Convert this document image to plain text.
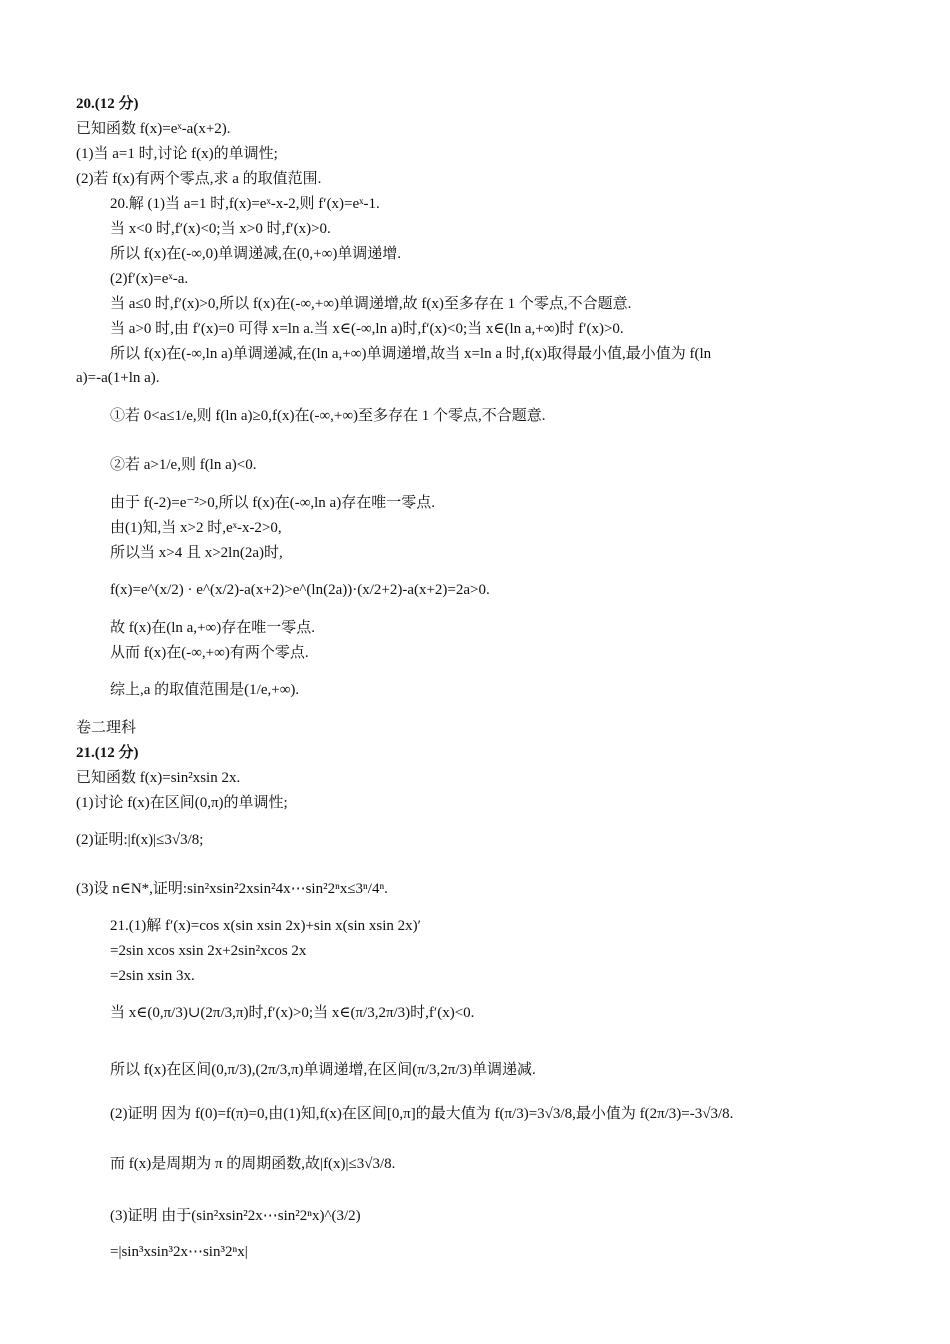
20.(12 分)
已知函数 f(x)=eˣ-a(x+2).
(1)当 a=1 时,讨论 f(x)的单调性;
(2)若 f(x)有两个零点,求 a 的取值范围.
20.解 (1)当 a=1 时,f(x)=eˣ-x-2,则 f′(x)=eˣ-1.
当 x<0 时,f′(x)<0;当 x>0 时,f′(x)>0.
所以 f(x)在(-∞,0)单调递减,在(0,+∞)单调递增.
(2)f′(x)=eˣ-a.
当 a≤0 时,f′(x)>0,所以 f(x)在(-∞,+∞)单调递增,故 f(x)至多存在 1 个零点,不合题意.
当 a>0 时,由 f′(x)=0 可得 x=ln a.当 x∈(-∞,ln a)时,f′(x)<0;当 x∈(ln a,+∞)时 f′(x)>0.
所以 f(x)在(-∞,ln a)单调递减,在(ln a,+∞)单调递增,故当 x=ln a 时,f(x)取得最小值,最小值为 f(ln
a)=-a(1+ln a).
①若 0<a≤1/e,则 f(ln a)≥0,f(x)在(-∞,+∞)至多存在 1 个零点,不合题意.
②若 a>1/e,则 f(ln a)<0.
由于 f(-2)=e⁻²>0,所以 f(x)在(-∞,ln a)存在唯一零点.
由(1)知,当 x>2 时,eˣ-x-2>0,
所以当 x>4 且 x>2ln(2a)时,
f(x)=e^(x/2) · e^(x/2)-a(x+2)>e^(ln(2a))·(x/2+2)-a(x+2)=2a>0.
故 f(x)在(ln a,+∞)存在唯一零点.
从而 f(x)在(-∞,+∞)有两个零点.
综上,a 的取值范围是(1/e,+∞).
卷二理科
21.(12 分)
已知函数 f(x)=sin²xsin 2x.
(1)讨论 f(x)在区间(0,π)的单调性;
(2)证明:|f(x)|≤3√3/8;
(3)设 n∈N*,证明:sin²xsin²2xsin²4x⋯sin²2ⁿx≤3ⁿ/4ⁿ.
21.(1)解 f′(x)=cos x(sin xsin 2x)+sin x(sin xsin 2x)′
=2sin xcos xsin 2x+2sin²xcos 2x
=2sin xsin 3x.
当 x∈(0,π/3)∪(2π/3,π)时,f′(x)>0;当 x∈(π/3,2π/3)时,f′(x)<0.
所以 f(x)在区间(0,π/3),(2π/3,π)单调递增,在区间(π/3,2π/3)单调递减.
(2)证明 因为 f(0)=f(π)=0,由(1)知,f(x)在区间[0,π]的最大值为 f(π/3)=3√3/8,最小值为 f(2π/3)=-3√3/8.
而 f(x)是周期为 π 的周期函数,故|f(x)|≤3√3/8.
(3)证明 由于(sin²xsin²2x⋯sin²2ⁿx)^(3/2)
=|sin³xsin³2x⋯sin³2ⁿx|
